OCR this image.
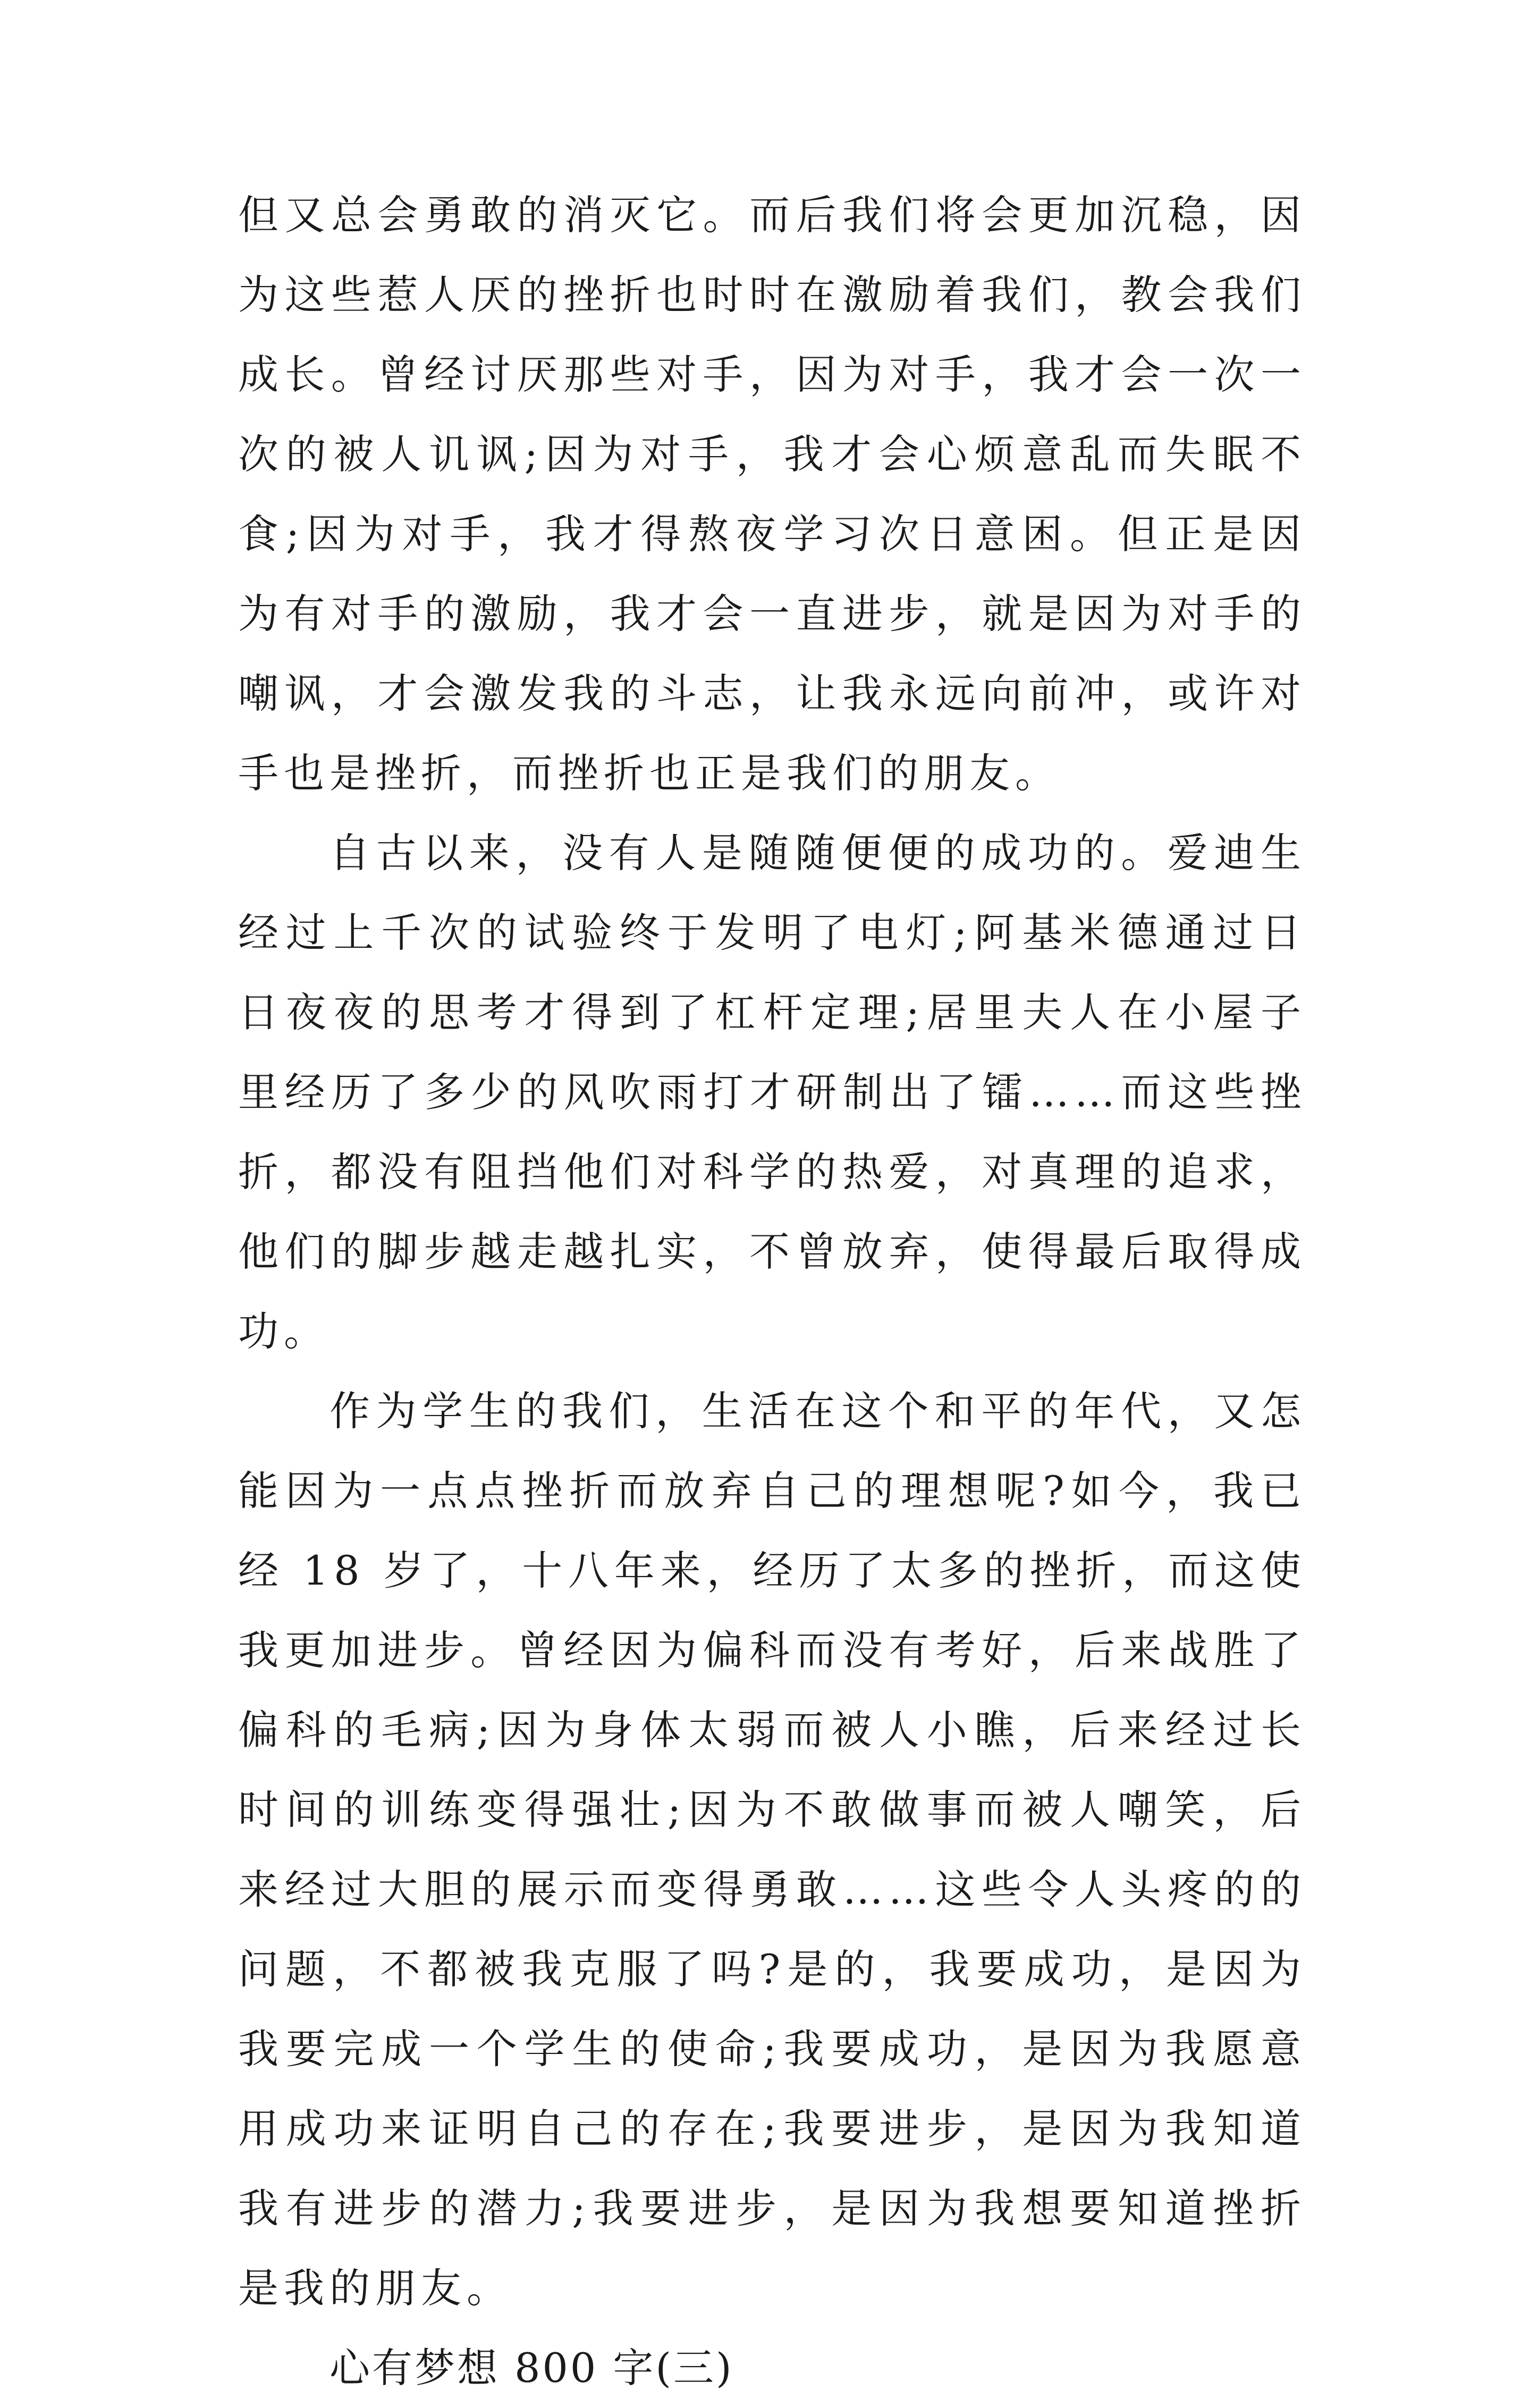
但又总会勇敢的消灭它。而后我们将会更加沉稳，因为这些惹人厌的挫折也时时在激励着我们，教会我们成长。曾经讨厌那些对手，因为对手，我才会一次一次的被人讥讽;因为对手，我才会心烦意乱而失眠不食;因为对手，我才得熬夜学习次日意困。但正是因为有对手的激励，我才会一直进步，就是因为对手的嘲讽，才会激发我的斗志，让我永远向前冲，或许对手也是挫折，而挫折也正是我们的朋友。

自古以来，没有人是随随便便的成功的。爱迪生经过上千次的试验终于发明了电灯;阿基米德通过日日夜夜的思考才得到了杠杆定理;居里夫人在小屋子里经历了多少的风吹雨打才研制出了镭……而这些挫折，都没有阻挡他们对科学的热爱，对真理的追求，他们的脚步越走越扎实，不曾放弃，使得最后取得成功。

作为学生的我们，生活在这个和平的年代，又怎能因为一点点挫折而放弃自己的理想呢?如今，我已经 18 岁了，十八年来，经历了太多的挫折，而这使我更加进步。曾经因为偏科而没有考好，后来战胜了偏科的毛病;因为身体太弱而被人小瞧，后来经过长时间的训练变得强壮;因为不敢做事而被人嘲笑，后来经过大胆的展示而变得勇敢……这些令人头疼的的问题，不都被我克服了吗?是的，我要成功，是因为我要完成一个学生的使命;我要成功，是因为我愿意用成功来证明自己的存在;我要进步，是因为我知道我有进步的潜力;我要进步，是因为我想要知道挫折是我的朋友。

心有梦想 800 字(三)
